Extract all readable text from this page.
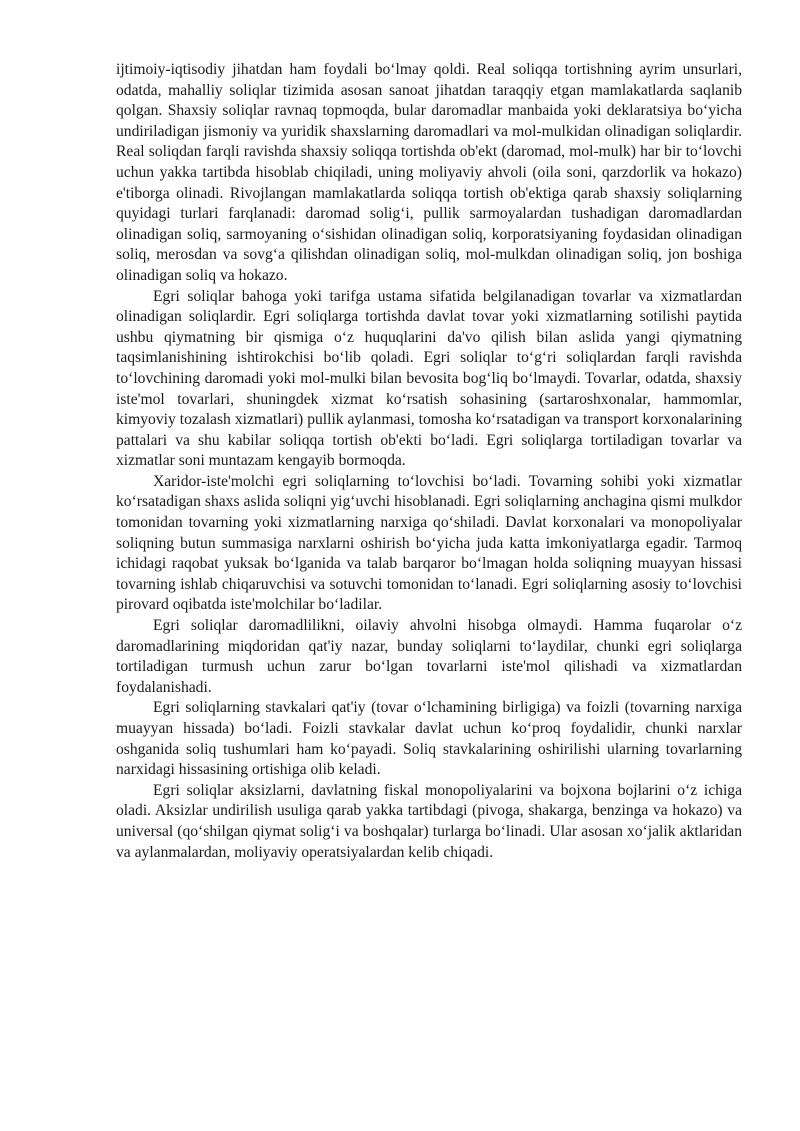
ijtimoiy-iqtisodiy jihatdan ham foydali boʻlmay qoldi. Real soliqqa tortishning ayrim unsurlari, odatda, mahalliy soliqlar tizimida asosan sanoat jihatdan taraqqiy etgan mamlakatlarda saqlanib qolgan. Shaxsiy soliqlar ravnaq topmoqda, bular daromadlar manbaida yoki deklaratsiya boʻyicha undiriladigan jismoniy va yuridik shaxslarning daromadlari va mol-mulkidan olinadigan soliqlardir. Real soliqdan farqli ravishda shaxsiy soliqqa tortishda ob'ekt (daromad, mol-mulk) har bir toʻlovchi uchun yakka tartibda hisoblab chiqiladi, uning moliyaviy ahvoli (oila soni, qarzdorlik va hokazo) e'tiborga olinadi. Rivojlangan mamlakatlarda soliqqa tortish ob'ektiga qarab shaxsiy soliqlarning quyidagi turlari farqlanadi: daromad soligʻi, pullik sarmoyalardan tushadigan daromadlardan olinadigan soliq, sarmoyaning oʻsishidan olinadigan soliq, korporatsiyaning foydasidan olinadigan soliq, merosdan va sovgʻa qilishdan olinadigan soliq, mol-mulkdan olinadigan soliq, jon boshiga olinadigan soliq va hokazo.

Egri soliqlar bahoga yoki tarifga ustama sifatida belgilanadigan tovarlar va xizmatlardan olinadigan soliqlardir. Egri soliqlarga tortishda davlat tovar yoki xizmatlarning sotilishi paytida ushbu qiymatning bir qismiga oʻz huquqlarini da'vo qilish bilan aslida yangi qiymatning taqsimlanishining ishtirokchisi boʻlib qoladi. Egri soliqlar toʻgʻri soliqlardan farqli ravishda toʻlovchining daromadi yoki mol-mulki bilan bevosita bogʻliq boʻlmaydi. Tovarlar, odatda, shaxsiy iste'mol tovarlari, shuningdek xizmat koʻrsatish sohasining (sartaroshxonalar, hammomlar, kimyoviy tozalash xizmatlari) pullik aylanmasi, tomosha koʻrsatadigan va transport korxonalarining pattalari va shu kabilar soliqqa tortish ob'ekti boʻladi. Egri soliqlarga tortiladigan tovarlar va xizmatlar soni muntazam kengayib bormoqda.

Xaridor-iste'molchi egri soliqlarning toʻlovchisi boʻladi. Tovarning sohibi yoki xizmatlar koʻrsatadigan shaxs aslida soliqni yigʻuvchi hisoblanadi. Egri soliqlarning anchagina qismi mulkdor tomonidan tovarning yoki xizmatlarning narxiga qoʻshiladi. Davlat korxonalari va monopoliyalar soliqning butun summasiga narxlarni oshirish boʻyicha juda katta imkoniyatlarga egadir. Tarmoq ichidagi raqobat yuksak boʻlganida va talab barqaror boʻlmagan holda soliqning muayyan hissasi tovarning ishlab chiqaruvchisi va sotuvchi tomonidan toʻlanadi. Egri soliqlarning asosiy toʻlovchisi pirovard oqibatda iste'molchilar boʻladilar.

Egri soliqlar daromadlilikni, oilaviy ahvolni hisobga olmaydi. Hamma fuqarolar oʻz daromadlarining miqdoridan qat'iy nazar, bunday soliqlarni toʻlaydilar, chunki egri soliqlarga tortiladigan turmush uchun zarur boʻlgan tovarlarni iste'mol qilishadi va xizmatlardan foydalanishadi.

Egri soliqlarning stavkalari qat'iy (tovar oʻlchamining birligiga) va foizli (tovarning narxiga muayyan hissada) boʻladi. Foizli stavkalar davlat uchun koʻproq foydalidir, chunki narxlar oshganida soliq tushumlari ham koʻpayadi. Soliq stavkalarining oshirilishi ularning tovarlarning narxidagi hissasining ortishiga olib keladi.

Egri soliqlar aksizlarni, davlatning fiskal monopoliyalarini va bojxona bojlarini oʻz ichiga oladi. Aksizlar undirilish usuliga qarab yakka tartibdagi (pivoga, shakarga, benzinga va hokazo) va universal (qoʻshilgan qiymat soligʻi va boshqalar) turlarga boʻlinadi. Ular asosan xoʻjalik aktlaridan va aylanmalardan, moliyaviy operatsiyalardan kelib chiqadi.
